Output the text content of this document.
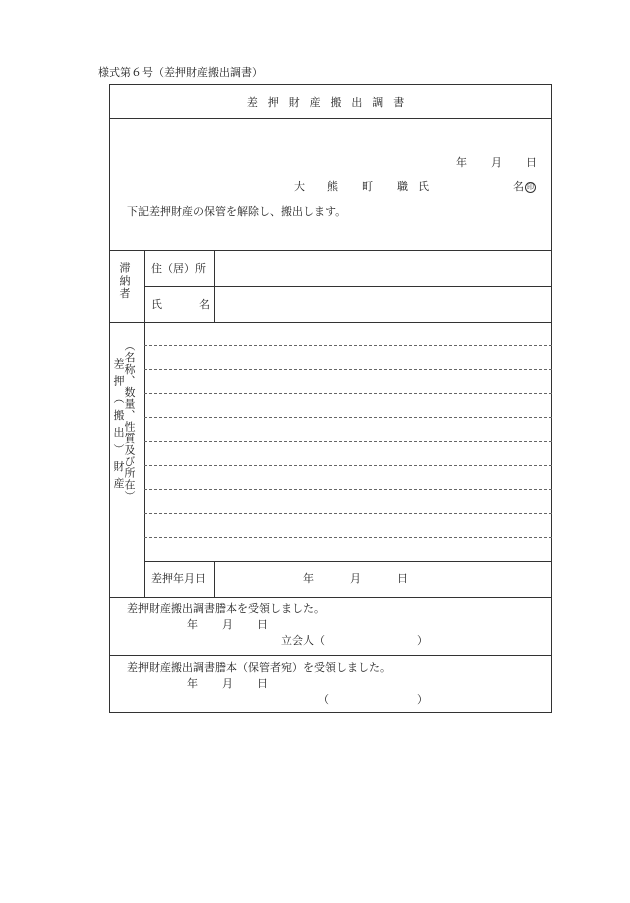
様式第６号（差押財産搬出調書）
差押財産搬出調書
年 月 日
大 熊 町 職 氏	名 印
下記差押財産の保管を解除し、搬出します。
滞納者 住（居）所
氏	名
差押（搬出）財産
（名称、数量、性質及び所在）
差押年月日	年	月	日
差押財産搬出調書謄本を受領しました。
年 月 日
立会人（	）
差押財産搬出調書謄本（保管者宛）を受領しました。
年 月 日
（	）
